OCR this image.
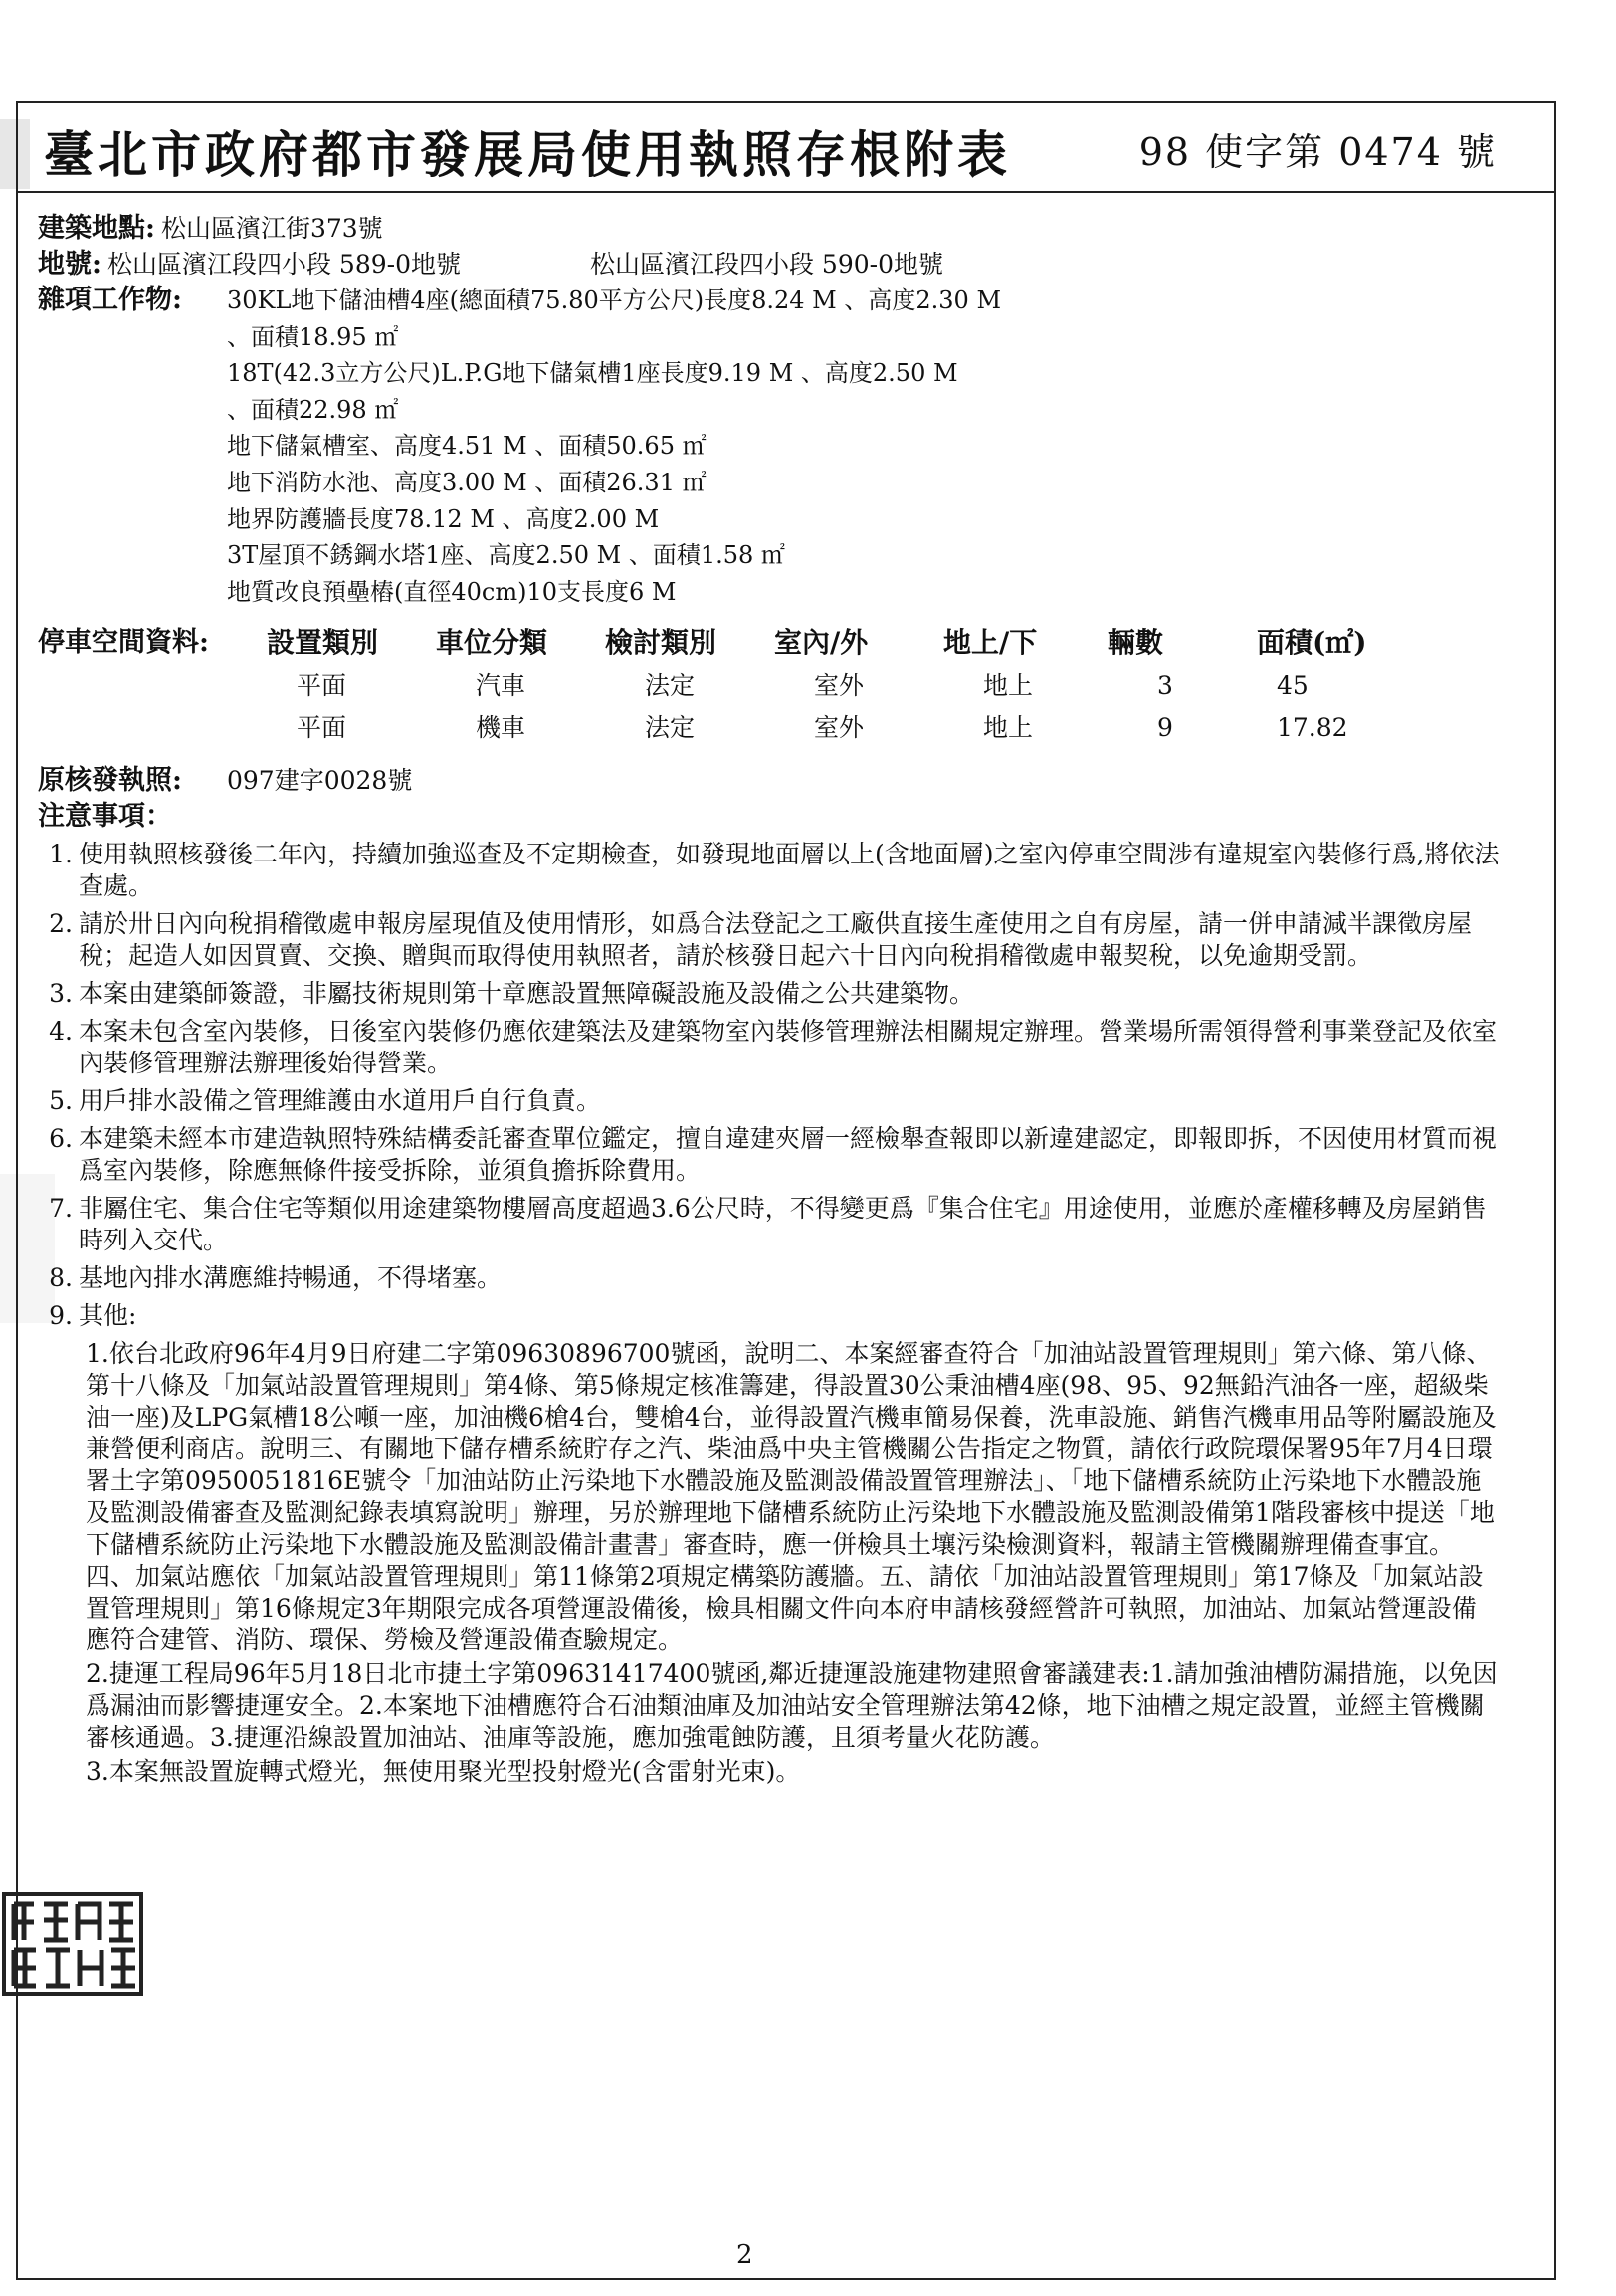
臺北市政府都市發展局使用執照存根附表	98 使字第 0474 號
建築地點: 松山區濱江街373號
地號: 松山區濱江段四小段 589-0地號	松山區濱江段四小段 590-0地號
雜項工作物:	30KL地下儲油槽4座(總面積75.80平方公尺)長度8.24 M 、高度2.30 M
、面積18.95 ㎡
18T(42.3立方公尺)L.P.G地下儲氣槽1座長度9.19 M 、高度2.50 M
、面積22.98 ㎡
地下儲氣槽室、高度4.51 M 、面積50.65 ㎡
地下消防水池、高度3.00 M 、面積26.31 ㎡
地界防護牆長度78.12 M 、高度2.00 M
3T屋頂不銹鋼水塔1座、高度2.50 M 、面積1.58 ㎡
地質改良預壘樁(直徑40cm)10支長度6 M
停車空間資料:	設置類別	車位分類	檢討類別	室內/外	地上/下	輛數	面積(㎡)
平面	汽車	法定	室外	地上	3	45
平面	機車	法定	室外	地上	9	17.82
原核發執照:	097建字0028號
注意事項：
1. 使用執照核發後二年內，持續加強巡查及不定期檢查，如發現地面層以上(含地面層)之室內停車空間涉有違規室內裝修行爲,將依法查處。
2. 請於卅日內向稅捐稽徵處申報房屋現值及使用情形，如爲合法登記之工廠供直接生產使用之自有房屋，請一併申請減半課徵房屋稅；起造人如因買賣、交換、贈與而取得使用執照者，請於核發日起六十日內向稅捐稽徵處申報契稅，以免逾期受罰。
3. 本案由建築師簽證，非屬技術規則第十章應設置無障礙設施及設備之公共建築物。
4. 本案未包含室內裝修，日後室內裝修仍應依建築法及建築物室內裝修管理辦法相關規定辦理。營業場所需領得營利事業登記及依室內裝修管理辦法辦理後始得營業。
5. 用戶排水設備之管理維護由水道用戶自行負責。
6. 本建築未經本市建造執照特殊結構委託審查單位鑑定，擅自違建夾層一經檢舉查報即以新違建認定，即報即拆，不因使用材質而視爲室內裝修，除應無條件接受拆除，並須負擔拆除費用。
7. 非屬住宅、集合住宅等類似用途建築物樓層高度超過3.6公尺時，不得變更爲『集合住宅』用途使用，並應於產權移轉及房屋銷售時列入交代。
8. 基地內排水溝應維持暢通，不得堵塞。
9. 其他:
1.依台北政府96年4月9日府建二字第09630896700號函，說明二、本案經審查符合「加油站設置管理規則」第六條、第八條、第十八條及「加氣站設置管理規則」第4條、第5條規定核准籌建，得設置30公秉油槽4座(98、95、92無鉛汽油各一座，超級柴油一座)及LPG氣槽18公噸一座，加油機6槍4台，雙槍4台，並得設置汽機車簡易保養，洗車設施、銷售汽機車用品等附屬設施及兼營便利商店。說明三、有關地下儲存槽系統貯存之汽、柴油爲中央主管機關公告指定之物質，請依行政院環保署95年7月4日環署土字第0950051816E號令「加油站防止污染地下水體設施及監測設備設置管理辦法」、「地下儲槽系統防止污染地下水體設施及監測設備審查及監測紀錄表填寫說明」辦理，另於辦理地下儲槽系統防止污染地下水體設施及監測設備第1階段審核中提送「地下儲槽系統防止污染地下水體設施及監測設備計畫書」審查時，應一併檢具土壤污染檢測資料，報請主管機關辦理備查事宜。四、加氣站應依「加氣站設置管理規則」第11條第2項規定構築防護牆。五、請依「加油站設置管理規則」第17條及「加氣站設置管理規則」第16條規定3年期限完成各項營運設備後，檢具相關文件向本府申請核發經營許可執照，加油站、加氣站營運設備應符合建管、消防、環保、勞檢及營運設備查驗規定。
2.捷運工程局96年5月18日北市捷土字第09631417400號函,鄰近捷運設施建物建照會審議建表:1.請加強油槽防漏措施，以免因爲漏油而影響捷運安全。2.本案地下油槽應符合石油類油庫及加油站安全管理辦法第42條，地下油槽之規定設置，並經主管機關審核通過。3.捷運沿線設置加油站、油庫等設施，應加強電蝕防護，且須考量火花防護。
3.本案無設置旋轉式燈光，無使用聚光型投射燈光(含雷射光束)。
2
